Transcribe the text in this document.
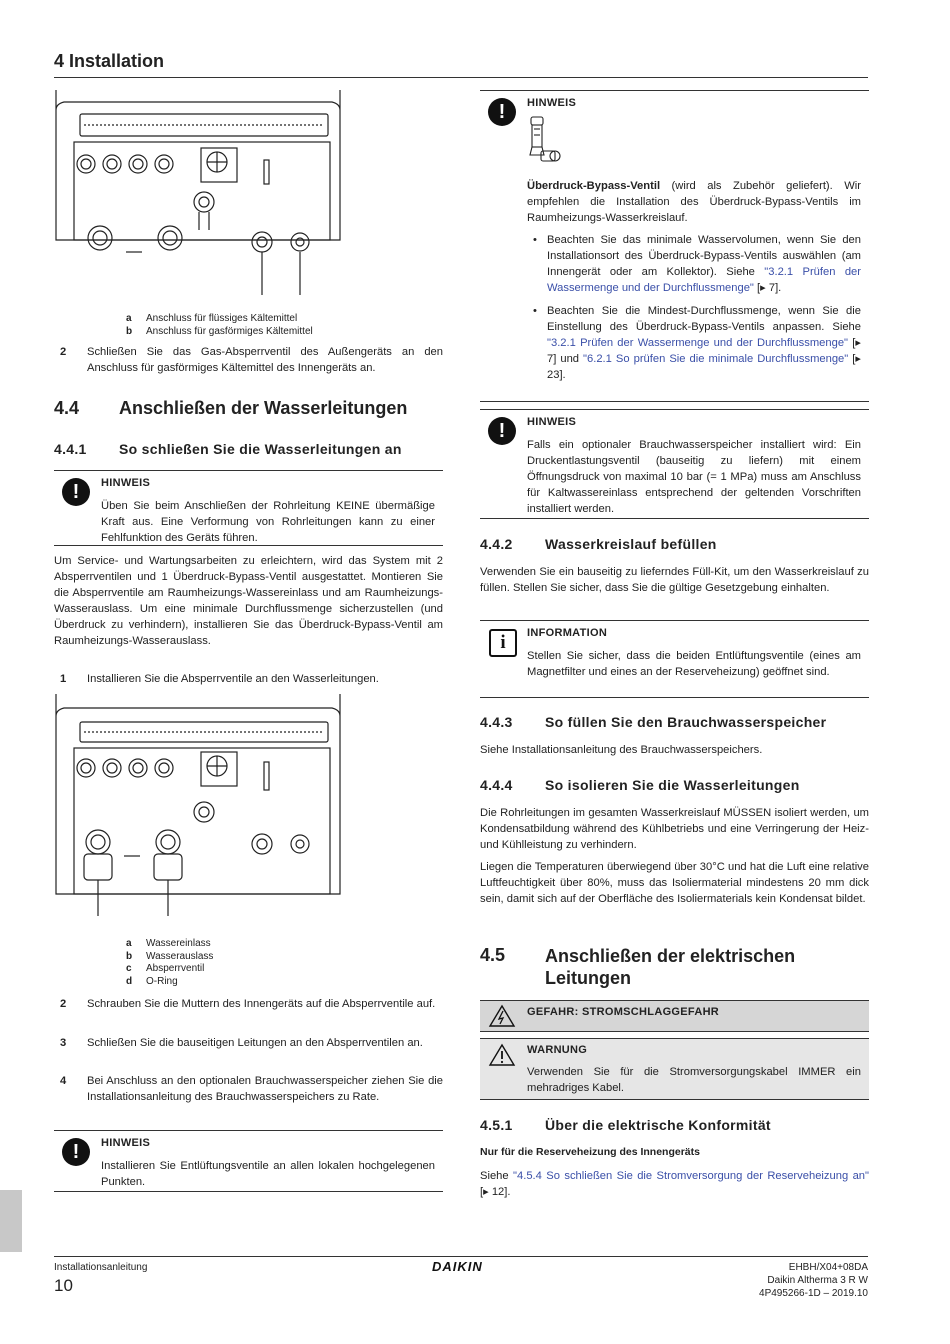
4 Installation
a Anschluss für flüssiges Kältemittel
b Anschluss für gasförmiges Kältemittel
2 Schließen Sie das Gas-Absperrventil des Außengeräts an den Anschluss für gasförmiges Kältemittel des Innengeräts an.
4.4 Anschließen der Wasserleitungen
4.4.1 So schließen Sie die Wasserleitungen an
!	HINWEIS
Üben Sie beim Anschließen der Rohrleitung KEINE übermäßige Kraft aus. Eine Verformung von Rohrleitungen kann zu einer Fehlfunktion des Geräts führen.
Um Service- und Wartungsarbeiten zu erleichtern, wird das System mit 2 Absperrventilen und 1 Überdruck-Bypass-Ventil ausgestattet. Montieren Sie die Absperrventile am Raumheizungs-Wassereinlass und am Raumheizungs-Wasserauslass. Um eine minimale Durchflussmenge sicherzustellen (und Überdruck zu verhindern), installieren Sie das Überdruck-Bypass-Ventil am Raumheizungs-Wasserauslass.
1 Installieren Sie die Absperrventile an den Wasserleitungen.
a Wassereinlass
b Wasserauslass
c Absperrventil
d O-Ring
2 Schrauben Sie die Muttern des Innengeräts auf die Absperrventile auf.
3 Schließen Sie die bauseitigen Leitungen an den Absperrventilen an.
4 Bei Anschluss an den optionalen Brauchwasserspeicher ziehen Sie die Installationsanleitung des Brauchwasserspeichers zu Rate.
!	HINWEIS
Installieren Sie Entlüftungsventile an allen lokalen hochgelegenen Punkten.
!	HINWEIS
Überdruck-Bypass-Ventil (wird als Zubehör geliefert). Wir empfehlen die Installation des Überdruck-Bypass-Ventils im Raumheizungs-Wasserkreislauf.
• Beachten Sie das minimale Wasservolumen, wenn Sie den Installationsort des Überdruck-Bypass-Ventils auswählen (am Innengerät oder am Kollektor). Siehe "3.2.1 Prüfen der Wassermenge und der Durchflussmenge" [▸ 7].
• Beachten Sie die Mindest-Durchflussmenge, wenn Sie die Einstellung des Überdruck-Bypass-Ventils anpassen. Siehe "3.2.1 Prüfen der Wassermenge und der Durchflussmenge" [▸ 7] und "6.2.1 So prüfen Sie die minimale Durchflussmenge" [▸ 23].
!	HINWEIS
Falls ein optionaler Brauchwasserspeicher installiert wird: Ein Druckentlastungsventil (bauseitig zu liefern) mit einem Öffnungsdruck von maximal 10 bar (= 1 MPa) muss am Anschluss für Kaltwassereinlass entsprechend der geltenden Vorschriften installiert werden.
4.4.2 Wasserkreislauf befüllen
Verwenden Sie ein bauseitig zu lieferndes Füll-Kit, um den Wasserkreislauf zu füllen. Stellen Sie sicher, dass Sie die gültige Gesetzgebung einhalten.
i	INFORMATION
Stellen Sie sicher, dass die beiden Entlüftungsventile (eines am Magnetfilter und eines an der Reserveheizung) geöffnet sind.
4.4.3 So füllen Sie den Brauchwasserspeicher
Siehe Installationsanleitung des Brauchwasserspeichers.
4.4.4 So isolieren Sie die Wasserleitungen
Die Rohrleitungen im gesamten Wasserkreislauf MÜSSEN isoliert werden, um Kondensatbildung während des Kühlbetriebs und eine Verringerung der Heiz- und Kühlleistung zu verhindern.
Liegen die Temperaturen überwiegend über 30°C und hat die Luft eine relative Luftfeuchtigkeit über 80%, muss das Isoliermaterial mindestens 20 mm dick sein, damit sich auf der Oberfläche des Isoliermaterials kein Kondensat bildet.
4.5 Anschließen der elektrischen Leitungen
GEFAHR: STROMSCHLAGGEFAHR
WARNUNG
Verwenden Sie für die Stromversorgungskabel IMMER ein mehradriges Kabel.
4.5.1 Über die elektrische Konformität
Nur für die Reserveheizung des Innengeräts
Siehe "4.5.4 So schließen Sie die Stromversorgung der Reserveheizung an" [▸ 12].
Installationsanleitung
10
DAIKIN	EHBH/X04+08DA
Daikin Altherma 3 R W
4P495266-1D – 2019.10
